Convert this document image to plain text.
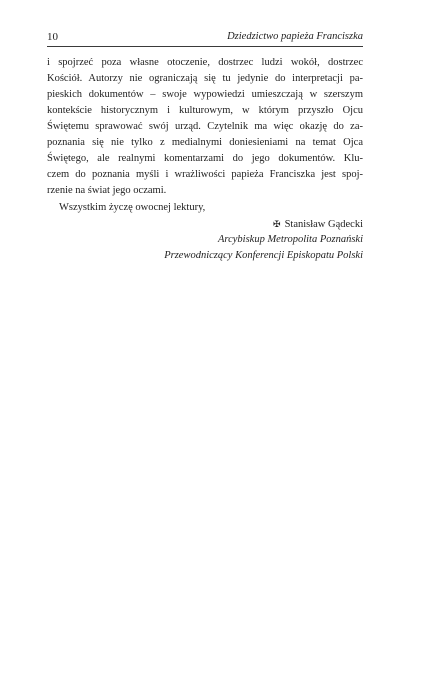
10	Dziedzictwo papieża Franciszka
i spojrzeć poza własne otoczenie, dostrzec ludzi wokół, dostrzec
Kościół. Autorzy nie ograniczają się tu jedynie do interpretacji pa-
pieskich dokumentów – swoje wypowiedzi umieszczają w szerszym
kontekście historycznym i kulturowym, w którym przyszło Ojcu
Świętemu sprawować swój urząd. Czytelnik ma więc okazję do za-
poznania się nie tylko z medialnymi doniesieniami na temat Ojca
Świętego, ale realnymi komentarzami do jego dokumentów. Klu-
czem do poznania myśli i wrażliwości papieża Franciszka jest spoj-
rzenie na świat jego oczami.
Wszystkim życzę owocnej lektury,
✠ Stanisław Gądecki
Arcybiskup Metropolita Poznański
Przewodniczący Konferencji Episkopatu Polski
